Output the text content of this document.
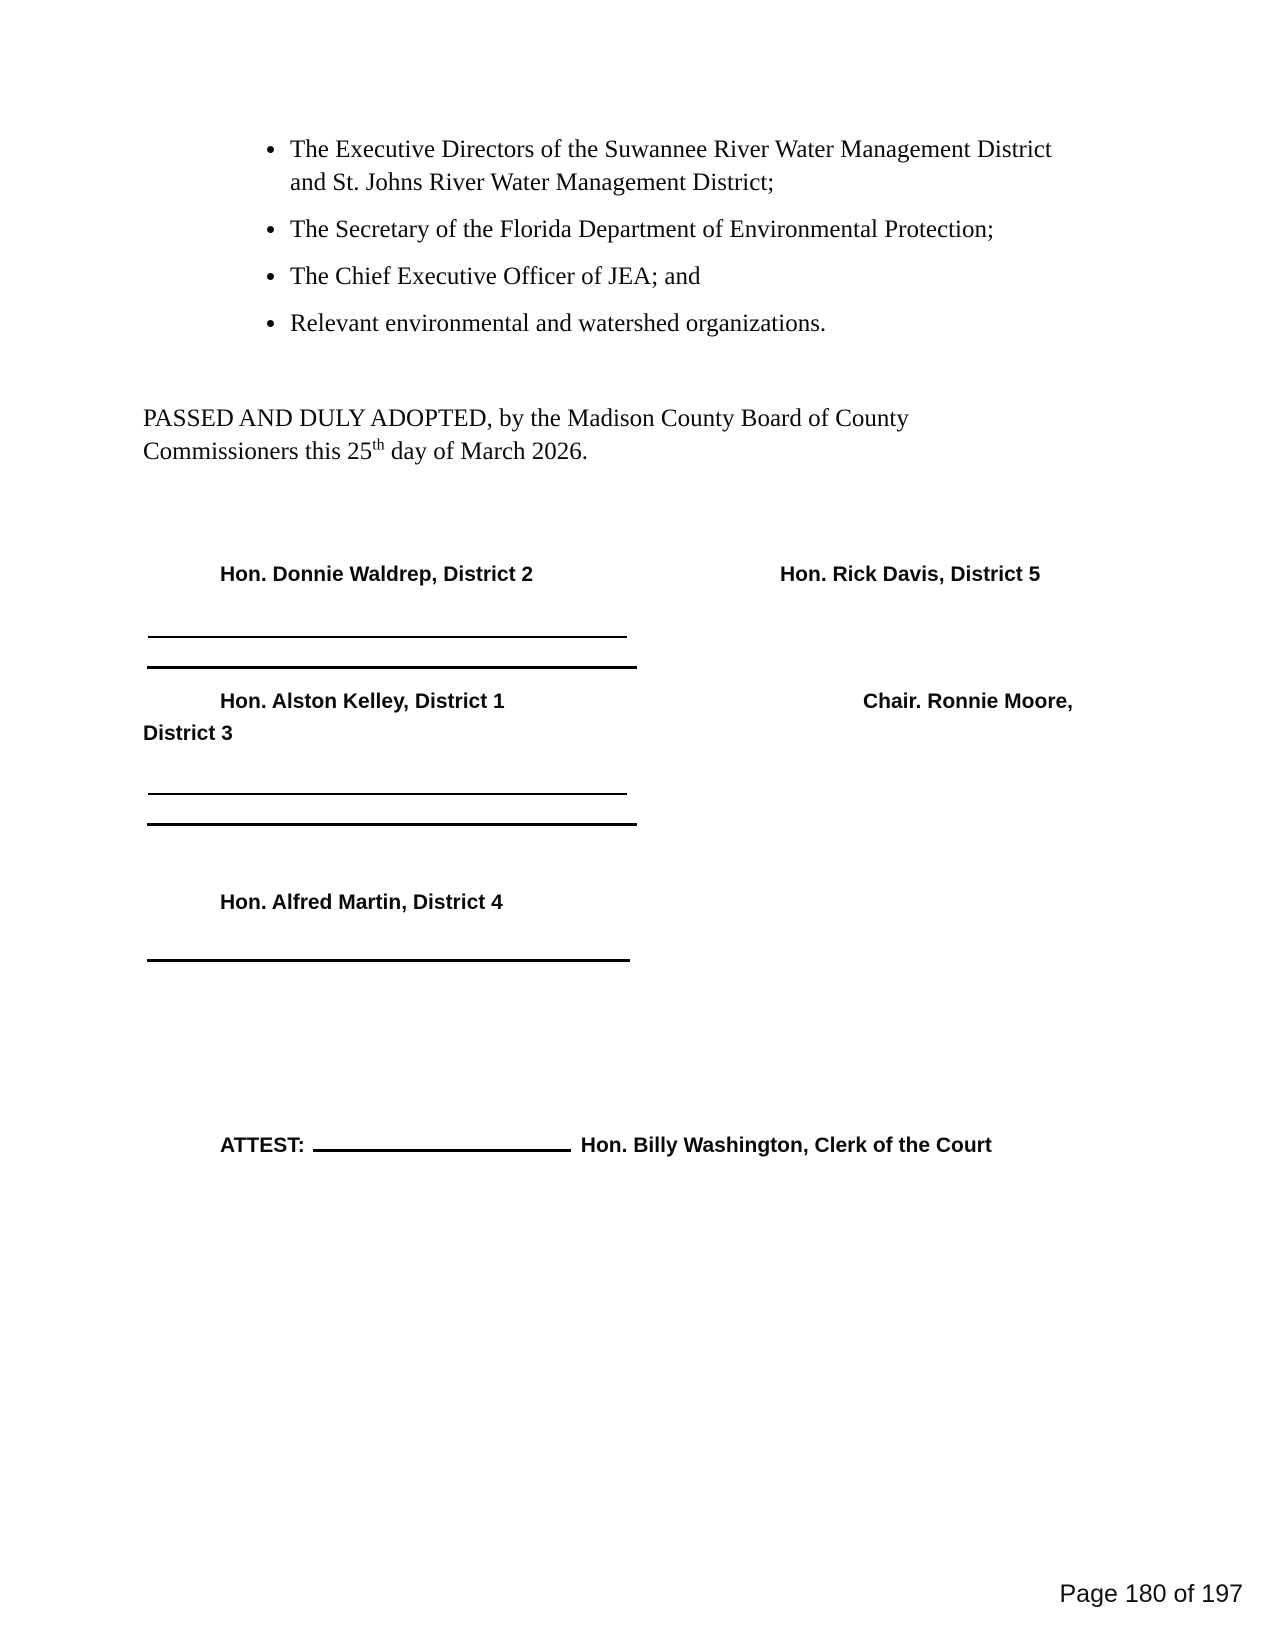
• The Executive Directors of the Suwannee River Water Management District and St. Johns River Water Management District;
• The Secretary of the Florida Department of Environmental Protection;
• The Chief Executive Officer of JEA; and
• Relevant environmental and watershed organizations.

PASSED AND DULY ADOPTED, by the Madison County Board of County Commissioners this 25th day of March 2026.

Hon. Donnie Waldrep, District 2	Hon. Rick Davis, District 5
Hon. Alston Kelley, District 1	Chair. Ronnie Moore,
District 3
Hon. Alfred Martin, District 4
ATTEST:	Hon. Billy Washington, Clerk of the Court
Page 180 of 197
